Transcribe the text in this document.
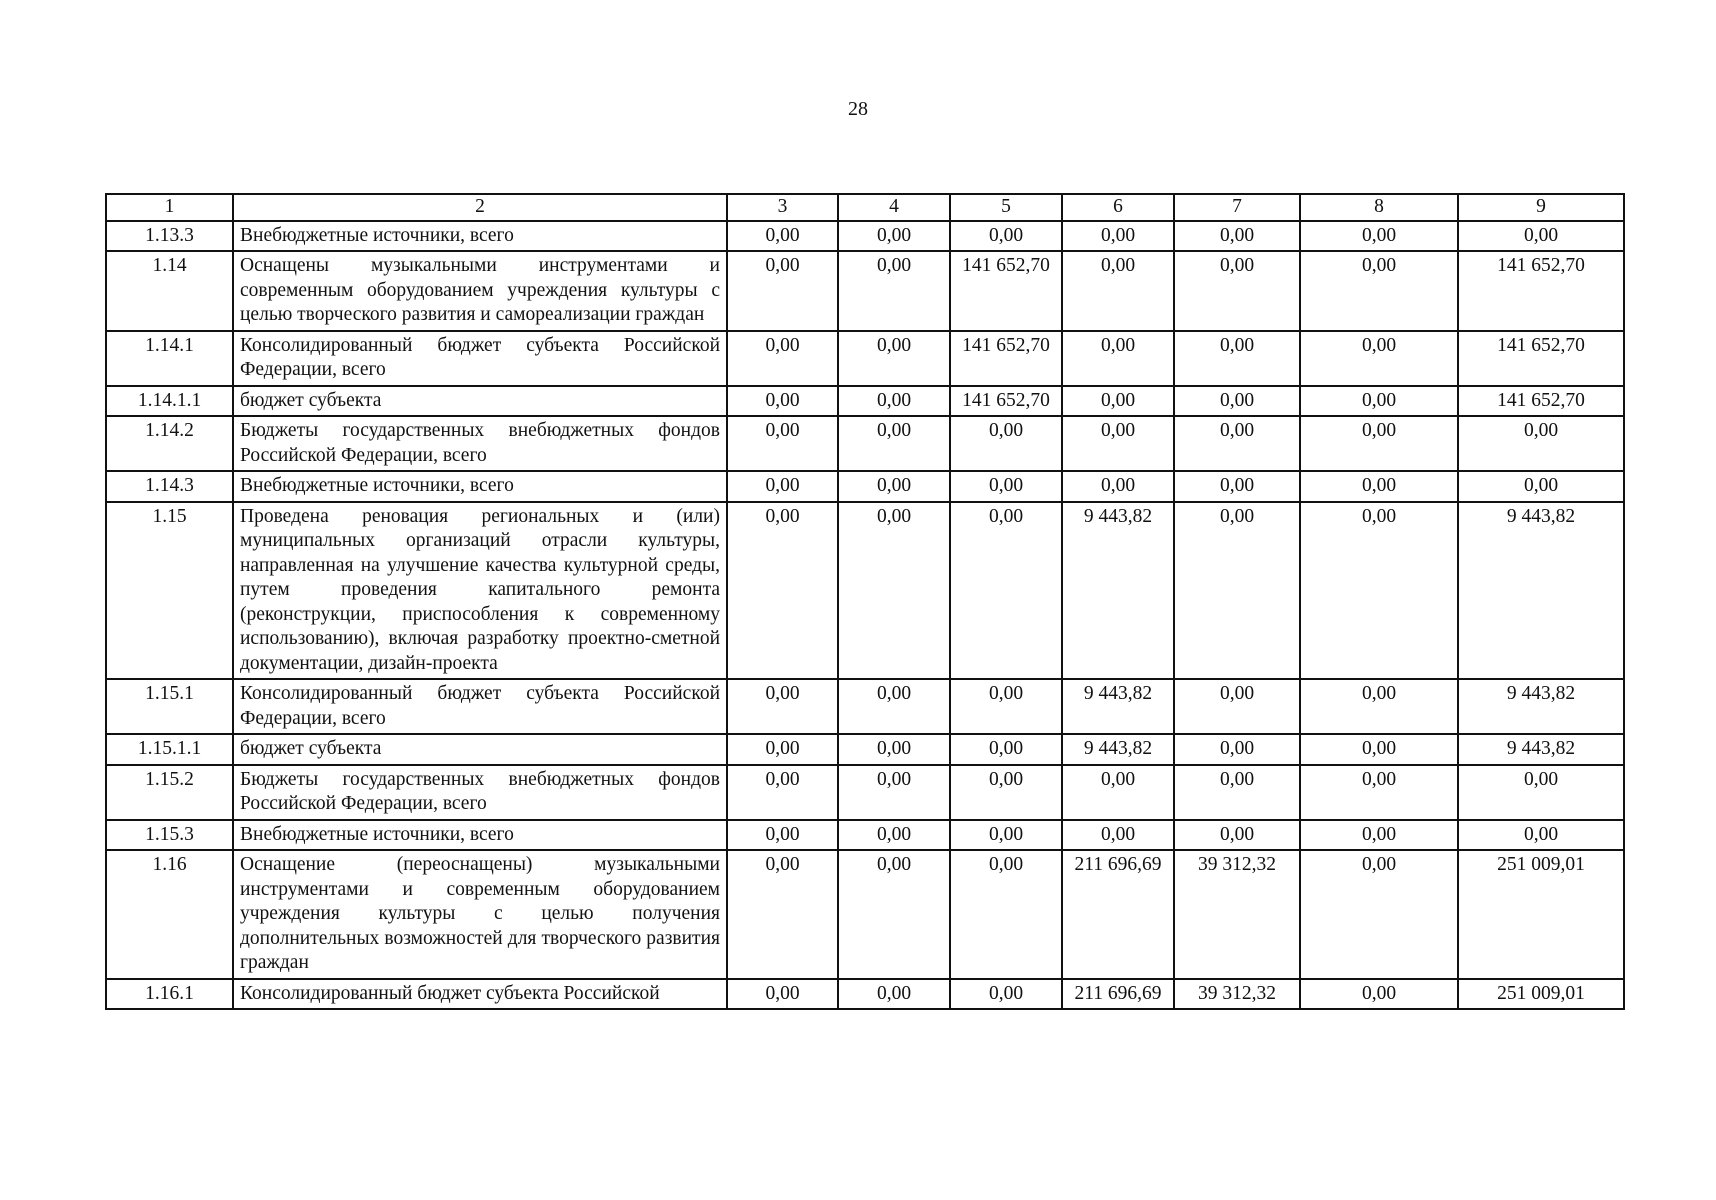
28
1	2	3	4	5	6	7	8	9
1.13.3	Внебюджетные источники, всего	0,00	0,00	0,00	0,00	0,00	0,00	0,00
1.14	Оснащены музыкальными инструментами и современным оборудованием учреждения культуры с целью творческого развития и самореализации граждан	0,00	0,00	141 652,70	0,00	0,00	0,00	141 652,70
1.14.1	Консолидированный бюджет субъекта Российской Федерации, всего	0,00	0,00	141 652,70	0,00	0,00	0,00	141 652,70
1.14.1.1	бюджет субъекта	0,00	0,00	141 652,70	0,00	0,00	0,00	141 652,70
1.14.2	Бюджеты государственных внебюджетных фондов Российской Федерации, всего	0,00	0,00	0,00	0,00	0,00	0,00	0,00
1.14.3	Внебюджетные источники, всего	0,00	0,00	0,00	0,00	0,00	0,00	0,00
1.15	Проведена реновация региональных и (или) муниципальных организаций отрасли культуры, направленная на улучшение качества культурной среды, путем проведения капитального ремонта (реконструкции, приспособления к современному использованию), включая разработку проектно-сметной документации, дизайн-проекта	0,00	0,00	0,00	9 443,82	0,00	0,00	9 443,82
1.15.1	Консолидированный бюджет субъекта Российской Федерации, всего	0,00	0,00	0,00	9 443,82	0,00	0,00	9 443,82
1.15.1.1	бюджет субъекта	0,00	0,00	0,00	9 443,82	0,00	0,00	9 443,82
1.15.2	Бюджеты государственных внебюджетных фондов Российской Федерации, всего	0,00	0,00	0,00	0,00	0,00	0,00	0,00
1.15.3	Внебюджетные источники, всего	0,00	0,00	0,00	0,00	0,00	0,00	0,00
1.16	Оснащение (переоснащены) музыкальными инструментами и современным оборудованием учреждения культуры с целью получения дополнительных возможностей для творческого развития граждан	0,00	0,00	0,00	211 696,69	39 312,32	0,00	251 009,01
1.16.1	Консолидированный бюджет субъекта Российской	0,00	0,00	0,00	211 696,69	39 312,32	0,00	251 009,01
